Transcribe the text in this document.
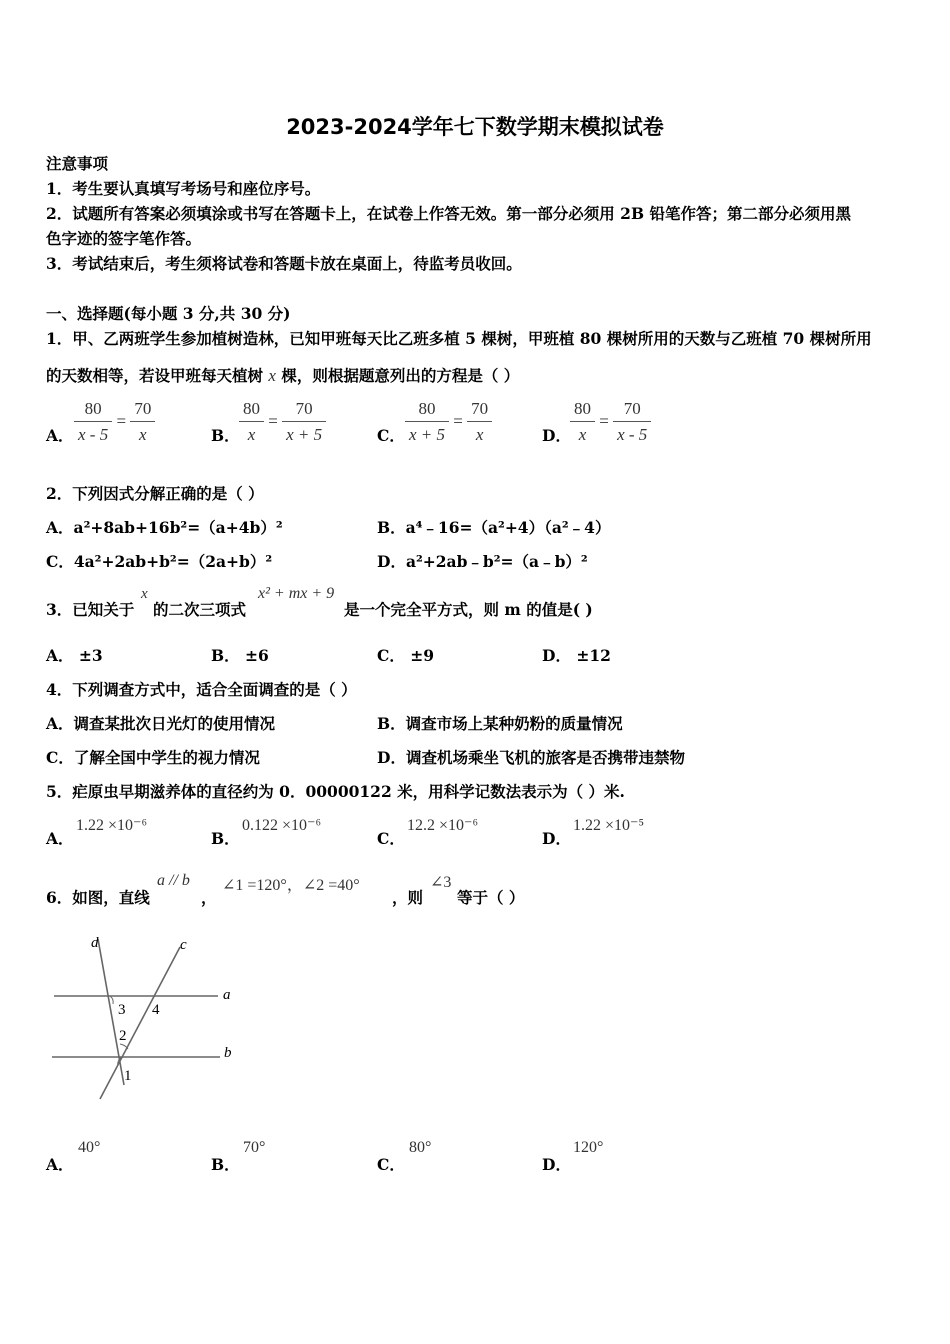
2023-2024学年七下数学期末模拟试卷
注意事项
1．考生要认真填写考场号和座位序号。
2．试题所有答案必须填涂或书写在答题卡上，在试卷上作答无效。第一部分必须用 2B 铅笔作答；第二部分必须用黑
色字迹的签字笔作答。
3．考试结束后，考生须将试卷和答题卡放在桌面上，待监考员收回。
一、选择题(每小题 3 分,共 30 分)
1．甲、乙两班学生参加植树造林，已知甲班每天比乙班多植 5 棵树，甲班植 80 棵树所用的天数与乙班植 70 棵树所用
的天数相等，若设甲班每天植树 x 棵，则根据题意列出的方程是（ ）
A． $\frac{80}{x - 5} = \frac{70}{x}$	B． $\frac{80}{x} = \frac{70}{x + 5}$	C． $\frac{80}{x + 5} = \frac{70}{x}$	D． $\frac{80}{x} = \frac{70}{x - 5}$
2．下列因式分解正确的是（ ）
A．a²+8ab+16b²=（a+4b）²	B．a⁴﹣16=（a²+4）（a²﹣4）
C．4a²+2ab+b²=（2a+b）²	D．a²+2ab﹣b²=（a﹣b）²
3．已知关于
x
的二次三项式
x² + mx + 9
是一个完全平方式，则 m 的值是( )
A． ±3	B． ±6	C． ±9	D． ±12
4．下列调查方式中，适合全面调查的是（ ）
A．调查某批次日光灯的使用情况	B．调查市场上某种奶粉的质量情况
C．了解全国中学生的视力情况	D．调查机场乘坐飞机的旅客是否携带违禁物
5．疟原虫早期滋养体的直径约为 0．00000122 米，用科学记数法表示为（ ）米.
A．
1.22 ×10⁻⁶
B．
0.122 ×10⁻⁶
C．
12.2 ×10⁻⁶
D．
1.22 ×10⁻⁵
6．如图，直线
a // b
，
∠1 =120°，∠2 =40°
，则
∠3
等于（ ）
d	c
a
b
3 4
2
1
A．
40°
B．
70°
C．
80°
D．
120°
